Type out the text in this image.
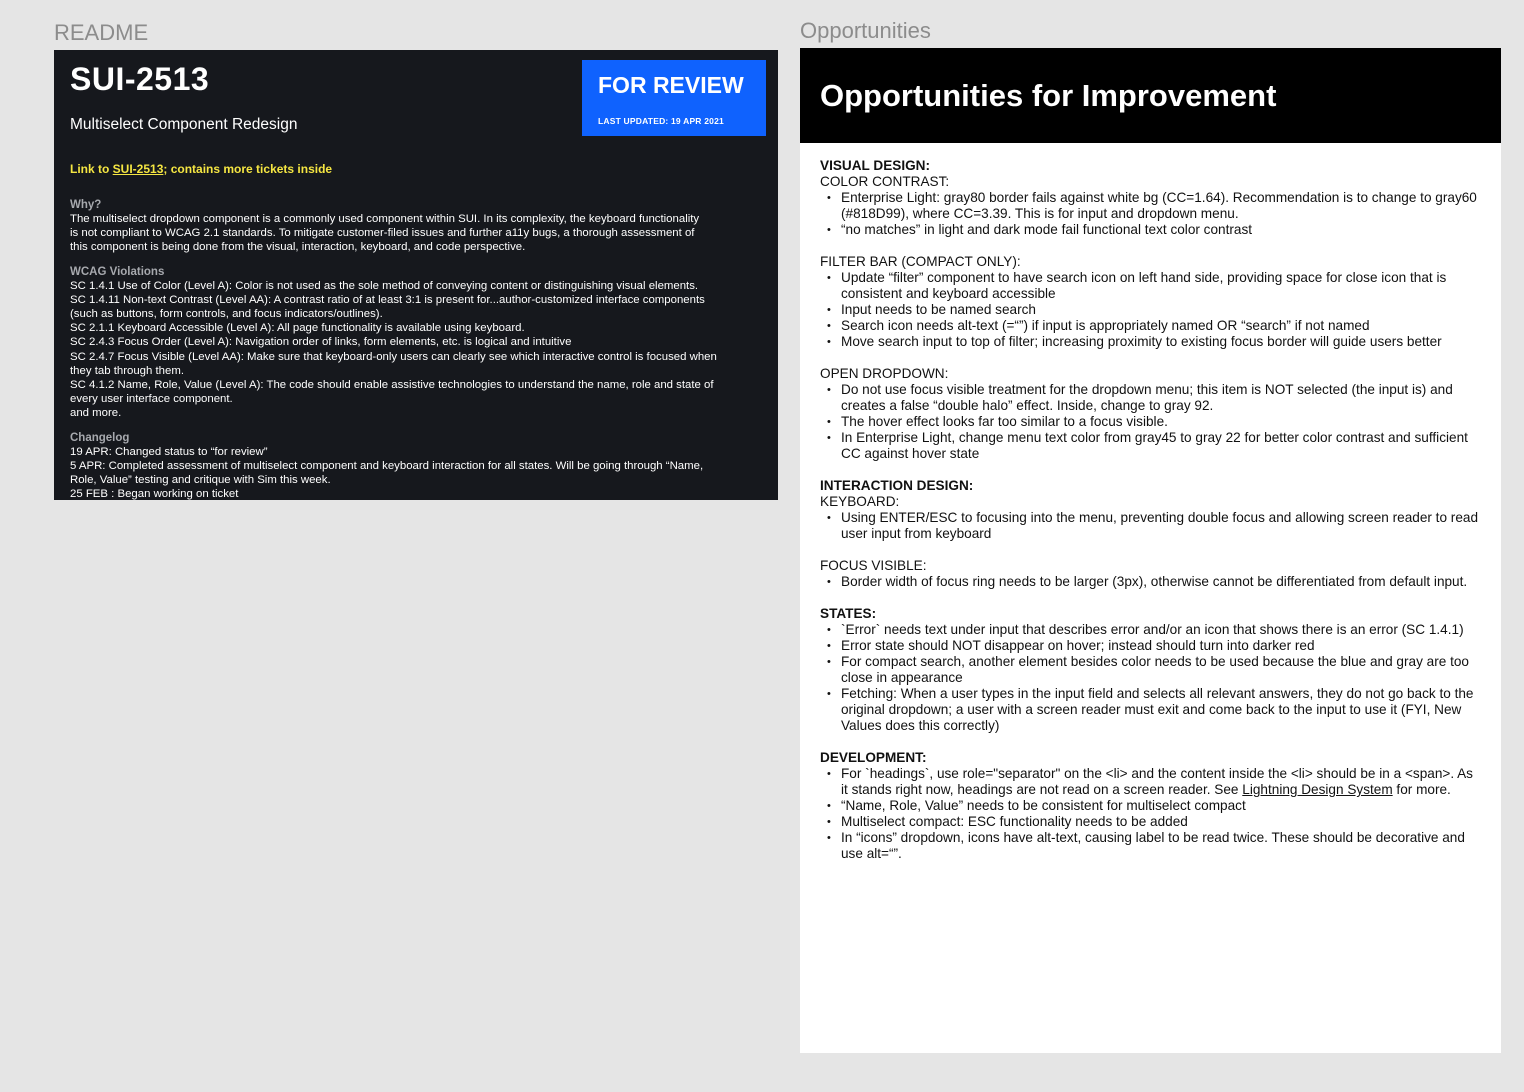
README
SUI-2513
Multiselect Component Redesign
FOR REVIEW
LAST UPDATED: 19 APR 2021
Link to SUI-2513; contains more tickets inside
Why?
The multiselect dropdown component is a commonly used component within SUI. In its complexity, the keyboard functionality
is not compliant to WCAG 2.1 standards. To mitigate customer-filed issues and further a11y bugs, a thorough assessment of
this component is being done from the visual, interaction, keyboard, and code perspective.
WCAG Violations
SC 1.4.1 Use of Color (Level A): Color is not used as the sole method of conveying content or distinguishing visual elements.
SC 1.4.11 Non-text Contrast (Level AA): A contrast ratio of at least 3:1 is present for...author-customized interface components
(such as buttons, form controls, and focus indicators/outlines).
SC 2.1.1 Keyboard Accessible (Level A): All page functionality is available using keyboard.
SC 2.4.3 Focus Order (Level A): Navigation order of links, form elements, etc. is logical and intuitive
SC 2.4.7 Focus Visible (Level AA): Make sure that keyboard-only users can clearly see which interactive control is focused when
they tab through them.
SC 4.1.2 Name, Role, Value (Level A): The code should enable assistive technologies to understand the name, role and state of
every user interface component.
and more.
Changelog
19 APR: Changed status to “for review”
5 APR: Completed assessment of multiselect component and keyboard interaction for all states. Will be going through “Name,
Role, Value” testing and critique with Sim this week.
25 FEB : Began working on ticket
Opportunities
Opportunities for Improvement
VISUAL DESIGN:
COLOR CONTRAST:
• Enterprise Light: gray80 border fails against white bg (CC=1.64). Recommendation is to change to gray60 (#818D99), where CC=3.39. This is for input and dropdown menu.
• “no matches” in light and dark mode fail functional text color contrast
FILTER BAR (COMPACT ONLY):
• Update “filter” component to have search icon on left hand side, providing space for close icon that is consistent and keyboard accessible
• Input needs to be named search
• Search icon needs alt-text (=“”) if input is appropriately named OR “search” if not named
• Move search input to top of filter; increasing proximity to existing focus border will guide users better
OPEN DROPDOWN:
• Do not use focus visible treatment for the dropdown menu; this item is NOT selected (the input is) and creates a false “double halo” effect. Inside, change to gray 92.
• The hover effect looks far too similar to a focus visible.
• In Enterprise Light, change menu text color from gray45 to gray 22 for better color contrast and sufficient CC against hover state
INTERACTION DESIGN:
KEYBOARD:
• Using ENTER/ESC to focusing into the menu, preventing double focus and allowing screen reader to read user input from keyboard
FOCUS VISIBLE:
• Border width of focus ring needs to be larger (3px), otherwise cannot be differentiated from default input.
STATES:
• `Error` needs text under input that describes error and/or an icon that shows there is an error (SC 1.4.1)
• Error state should NOT disappear on hover; instead should turn into darker red
• For compact search, another element besides color needs to be used because the blue and gray are too close in appearance
• Fetching: When a user types in the input field and selects all relevant answers, they do not go back to the original dropdown; a user with a screen reader must exit and come back to the input to use it (FYI, New Values does this correctly)
DEVELOPMENT:
• For `headings`, use role="separator" on the <li> and the content inside the <li> should be in a <span>. As it stands right now, headings are not read on a screen reader. See Lightning Design System for more.
• “Name, Role, Value” needs to be consistent for multiselect compact
• Multiselect compact: ESC functionality needs to be added
• In “icons” dropdown, icons have alt-text, causing label to be read twice. These should be decorative and use alt=“”.
